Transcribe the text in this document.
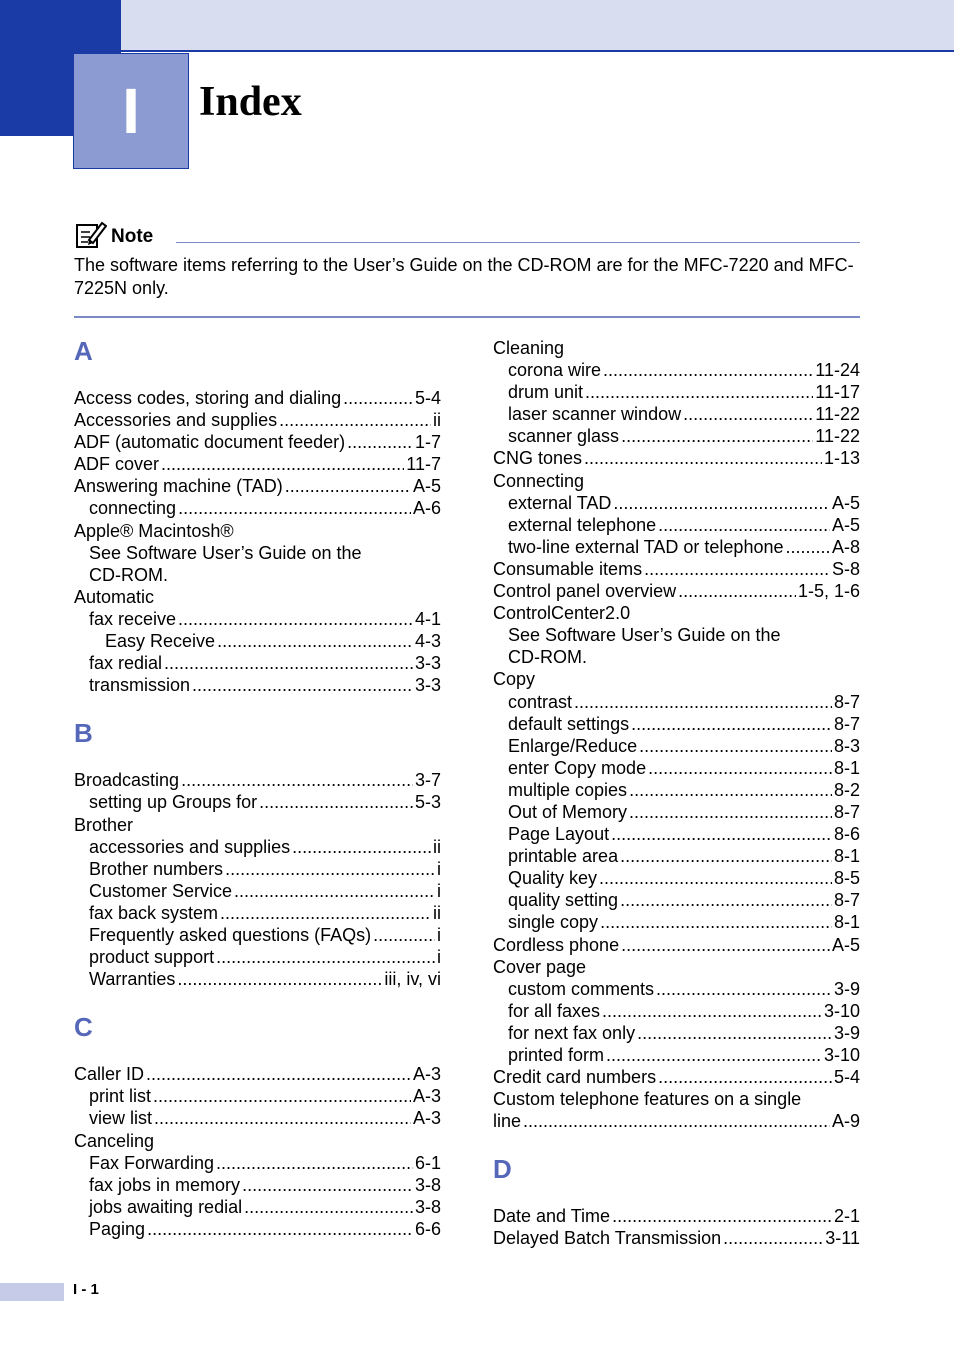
I	Index
Note

The software items referring to the User’s Guide on the CD-ROM are for the MFC-7220 and MFC-7225N only.

A
Access codes, storing and dialing .....	5-4
Accessories and supplies .....	ii
ADF (automatic document feeder) .....	1-7
ADF cover .....	11-7
Answering machine (TAD) .....	A-5
connecting .....	A-6
Apple® Macintosh®
See Software User’s Guide on the
CD-ROM.
Automatic
fax receive .....	4-1
Easy Receive .....	4-3
fax redial .....	3-3
transmission .....	3-3
B
Broadcasting .....	3-7
setting up Groups for .....	5-3
Brother
accessories and supplies .....	ii
Brother numbers .....	i
Customer Service .....	i
fax back system .....	ii
Frequently asked questions (FAQs) .....	i
product support .....	i
Warranties .....	iii, iv, vi
C
Caller ID .....	A-3
print list .....	A-3
view list .....	A-3
Canceling
Fax Forwarding .....	6-1
fax jobs in memory .....	3-8
jobs awaiting redial .....	3-8
Paging .....	6-6
Cleaning
corona wire .....	11-24
drum unit .....	11-17
laser scanner window .....	11-22
scanner glass .....	11-22
CNG tones .....	1-13
Connecting
external TAD .....	A-5
external telephone .....	A-5
two-line external TAD or telephone .....	A-8
Consumable items .....	S-8
Control panel overview .....	1-5, 1-6
ControlCenter2.0
See Software User’s Guide on the
CD-ROM.
Copy
contrast .....	8-7
default settings .....	8-7
Enlarge/Reduce .....	8-3
enter Copy mode .....	8-1
multiple copies .....	8-2
Out of Memory .....	8-7
Page Layout .....	8-6
printable area .....	8-1
Quality key .....	8-5
quality setting .....	8-7
single copy .....	8-1
Cordless phone .....	A-5
Cover page
custom comments .....	3-9
for all faxes .....	3-10
for next fax only .....	3-9
printed form .....	3-10
Credit card numbers .....	5-4
Custom telephone features on a single
line .....	A-9
D
Date and Time .....	2-1
Delayed Batch Transmission .....	3-11
I - 1
